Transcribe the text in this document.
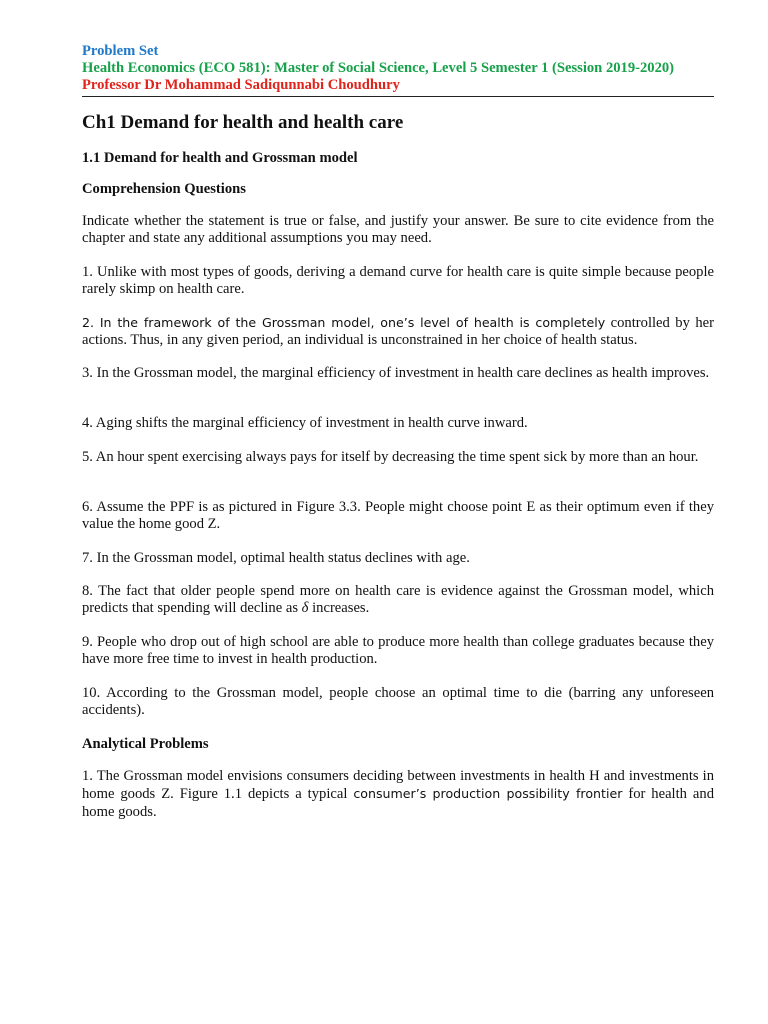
Problem Set
Health Economics (ECO 581): Master of Social Science, Level 5 Semester 1 (Session 2019-2020)
Professor Dr Mohammad Sadiqunnabi Choudhury
Ch1 Demand for health and health care
1.1 Demand for health and Grossman model
Comprehension Questions
Indicate whether the statement is true or false, and justify your answer. Be sure to cite evidence from the chapter and state any additional assumptions you may need.
1. Unlike with most types of goods, deriving a demand curve for health care is quite simple because people rarely skimp on health care.
2. In the framework of the Grossman model, one’s level of health is completely controlled by her actions. Thus, in any given period, an individual is unconstrained in her choice of health status.
3. In the Grossman model, the marginal efficiency of investment in health care declines as health improves.
4. Aging shifts the marginal efficiency of investment in health curve inward.
5. An hour spent exercising always pays for itself by decreasing the time spent sick by more than an hour.
6. Assume the PPF is as pictured in Figure 3.3. People might choose point E as their optimum even if they value the home good Z.
7. In the Grossman model, optimal health status declines with age.
8. The fact that older people spend more on health care is evidence against the Grossman model, which predicts that spending will decline as δ increases.
9. People who drop out of high school are able to produce more health than college graduates because they have more free time to invest in health production.
10. According to the Grossman model, people choose an optimal time to die (barring any unforeseen accidents).
Analytical Problems
1. The Grossman model envisions consumers deciding between investments in health H and investments in home goods Z. Figure 1.1 depicts a typical consumer’s production possibility frontier for health and home goods.
